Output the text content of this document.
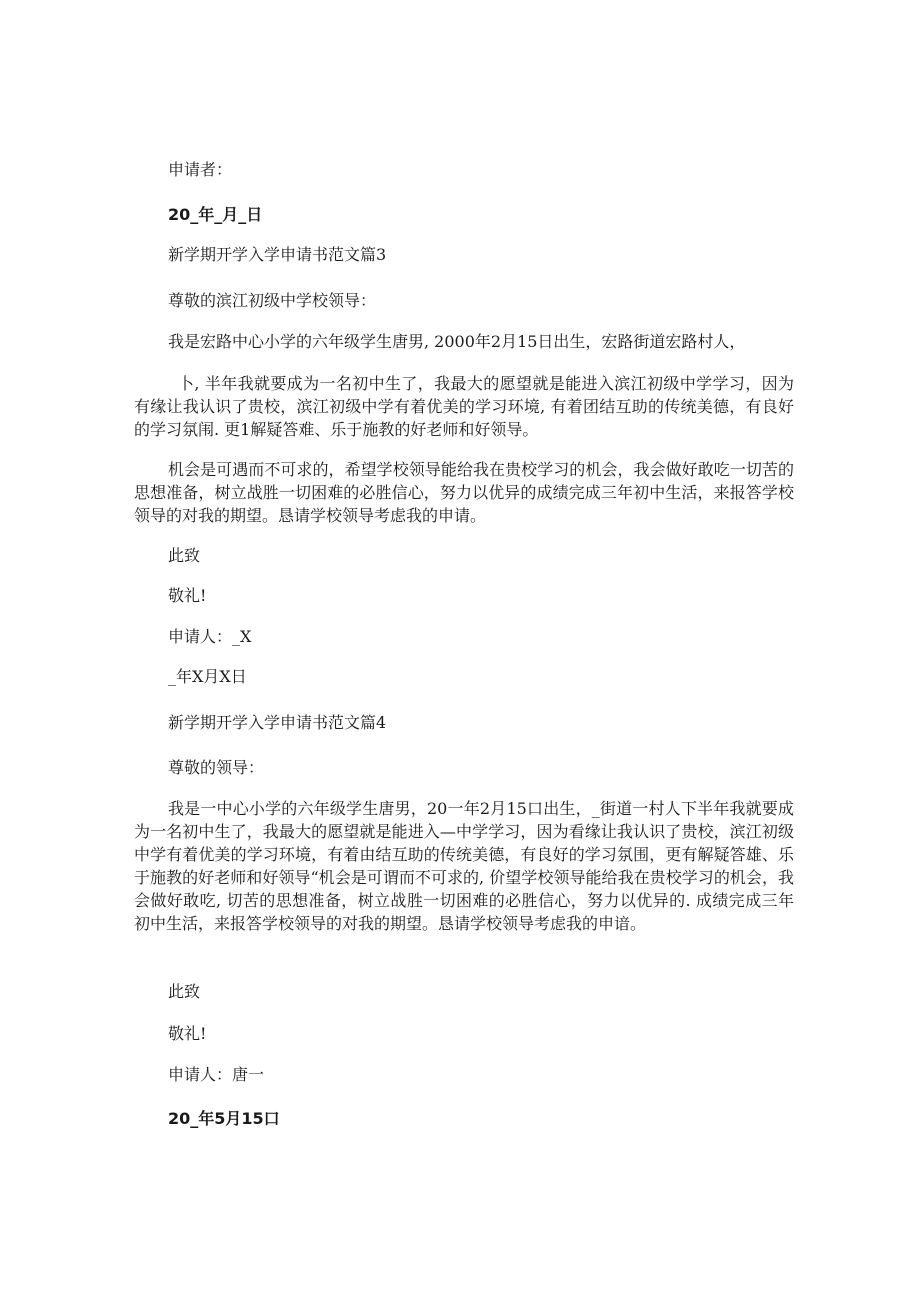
申请者：
20_年_月_日
新学期开学入学申请书范文篇3
尊敬的滨江初级中学校领导：
我是宏路中心小学的六年级学生唐男, 2000年2月15日出生，宏路街道宏路村人，
卜, 半年我就要成为一名初中生了，我最大的愿望就是能进入滨江初级中学学习，因为有缘让我认识了贵校，滨江初级中学有着优美的学习环境, 有着团结互助的传统美德，有良好的学习氛闱. 更1解疑答难、乐于施教的好老师和好领导。
机会是可遇而不可求的，希望学校领导能给我在贵校学习的机会，我会做好敢吃一切苦的思想准备，树立战胜一切困难的必胜信心，努力以优异的成绩完成三年初中生活，来报答学校领导的对我的期望。恳请学校领导考虑我的申请。
此致
敬礼!
申请人：_X
_年X月X日
新学期开学入学申请书范文篇4
尊敬的领导：
我是一中心小学的六年级学生唐男，20一年2月15口出生，_街道一村人下半年我就要成为一名初中生了，我最大的愿望就是能进入—中学学习，因为看缘让我认识了贵校，滨江初级中学有着优美的学习环境，有着由结互助的传统美德，有良好的学习氛围，更有解疑答雄、乐于施教的好老师和好领导“机会是可谓而不可求的, 价望学校领导能给我在贵校学习的机会，我会做好敢吃, 切苦的思想准备，树立战胜一切困难的必胜信心，努力以优异的. 成绩完成三年初中生活，来报答学校领导的对我的期望。恳请学校领导考虑我的申谙。
此致
敬礼!
申请人：唐一
20_年5月15口
